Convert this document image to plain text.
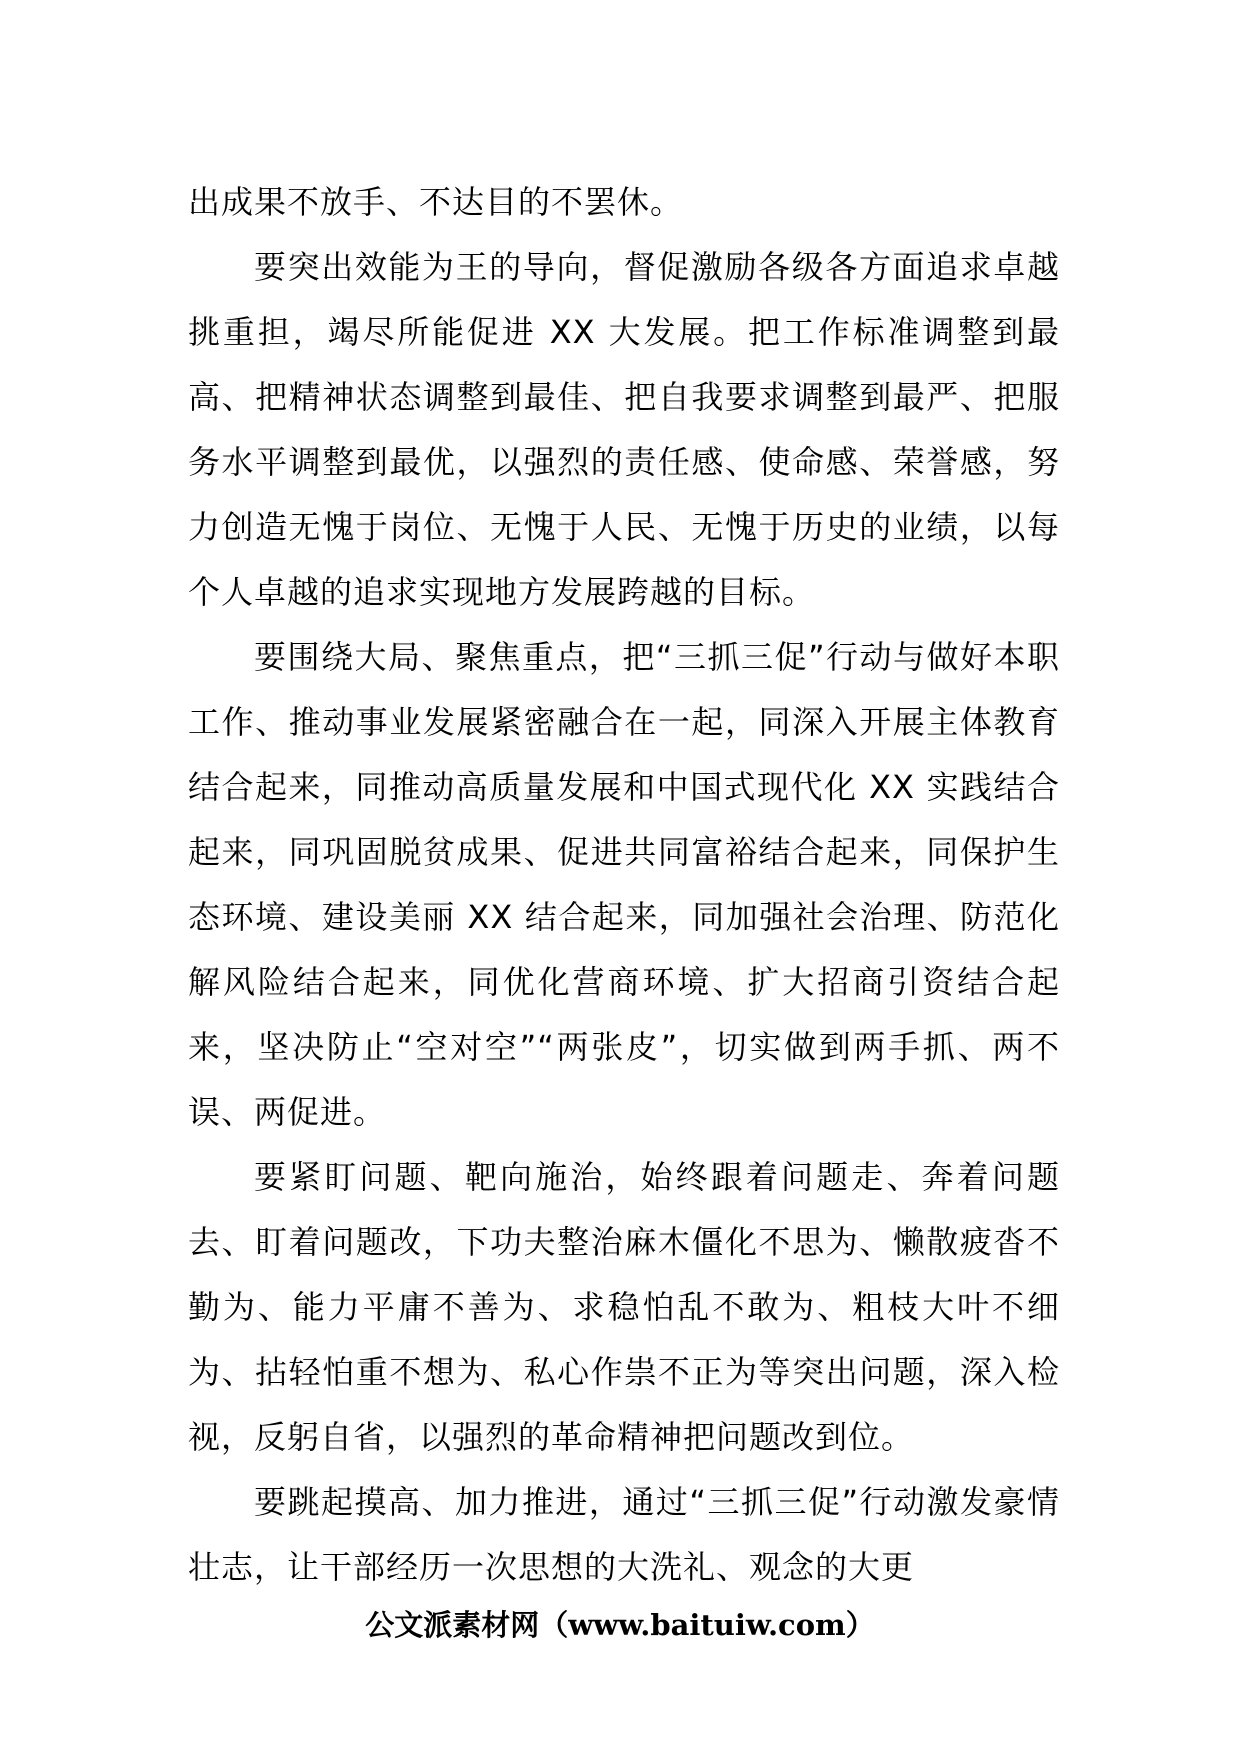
出成果不放手、不达目的不罢休。

要突出效能为王的导向，督促激励各级各方面追求卓越挑重担，竭尽所能促进 XX 大发展。把工作标准调整到最高、把精神状态调整到最佳、把自我要求调整到最严、把服务水平调整到最优，以强烈的责任感、使命感、荣誉感，努力创造无愧于岗位、无愧于人民、无愧于历史的业绩，以每个人卓越的追求实现地方发展跨越的目标。

要围绕大局、聚焦重点，把“三抓三促”行动与做好本职工作、推动事业发展紧密融合在一起，同深入开展主体教育结合起来，同推动高质量发展和中国式现代化 XX 实践结合起来，同巩固脱贫成果、促进共同富裕结合起来，同保护生态环境、建设美丽 XX 结合起来，同加强社会治理、防范化解风险结合起来，同优化营商环境、扩大招商引资结合起来，坚决防止“空对空”“两张皮”，切实做到两手抓、两不误、两促进。

要紧盯问题、靶向施治，始终跟着问题走、奔着问题去、盯着问题改，下功夫整治麻木僵化不思为、懒散疲沓不勤为、能力平庸不善为、求稳怕乱不敢为、粗枝大叶不细为、拈轻怕重不想为、私心作祟不正为等突出问题，深入检视，反躬自省，以强烈的革命精神把问题改到位。

要跳起摸高、加力推进，通过“三抓三促”行动激发豪情壮志，让干部经历一次思想的大洗礼、观念的大更

公文派素材网（www.baituiw.com）
